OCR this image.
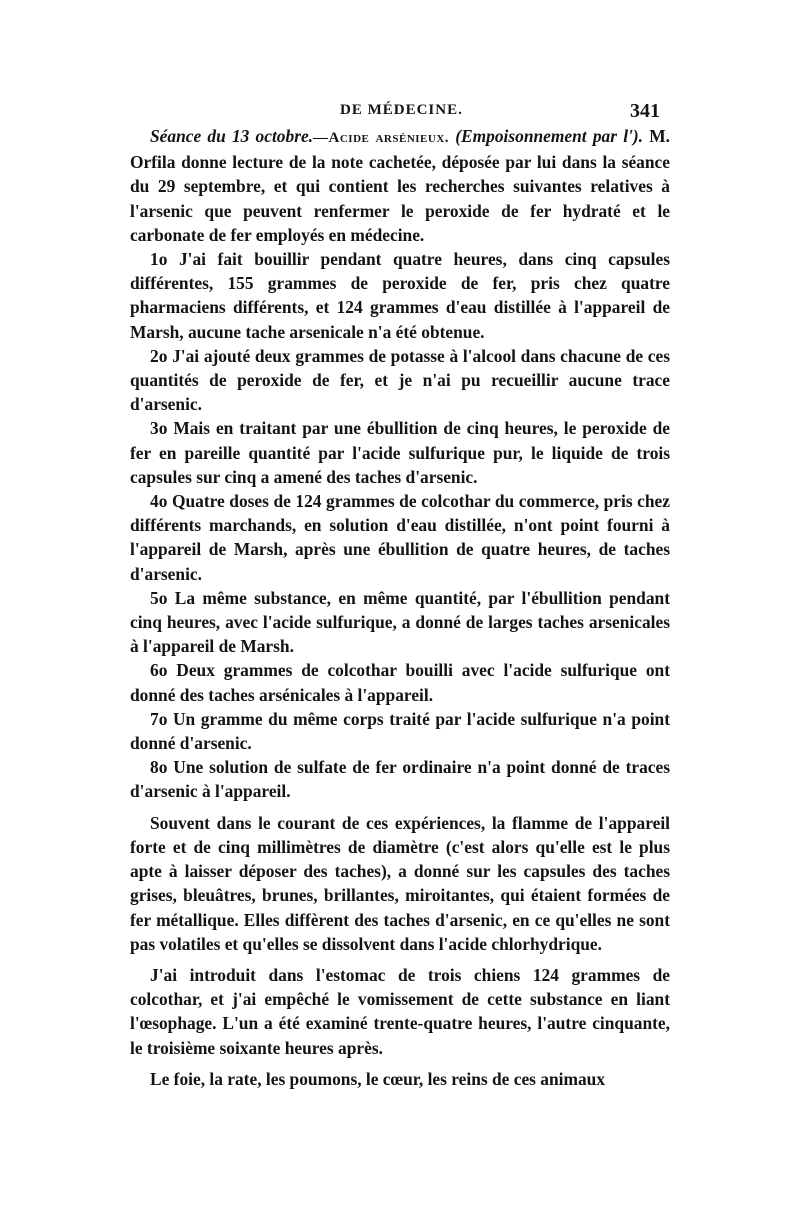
DE MÉDECINE.	341

Séance du 13 octobre.—Acide arsénieux. (Empoisonnement par l'). M. Orfila donne lecture de la note cachetée, déposée par lui dans la séance du 29 septembre, et qui contient les recherches suivantes relatives à l'arsenic que peuvent renfermer le peroxide de fer hydraté et le carbonate de fer employés en médecine.

1o J'ai fait bouillir pendant quatre heures, dans cinq capsules différentes, 155 grammes de peroxide de fer, pris chez quatre pharmaciens différents, et 124 grammes d'eau distillée à l'appareil de Marsh, aucune tache arsenicale n'a été obtenue.

2o J'ai ajouté deux grammes de potasse à l'alcool dans chacune de ces quantités de peroxide de fer, et je n'ai pu recueillir aucune trace d'arsenic.

3o Mais en traitant par une ébullition de cinq heures, le peroxide de fer en pareille quantité par l'acide sulfurique pur, le liquide de trois capsules sur cinq a amené des taches d'arsenic.

4o Quatre doses de 124 grammes de colcothar du commerce, pris chez différents marchands, en solution d'eau distillée, n'ont point fourni à l'appareil de Marsh, après une ébullition de quatre heures, de taches d'arsenic.

5o La même substance, en même quantité, par l'ébullition pendant cinq heures, avec l'acide sulfurique, a donné de larges taches arsenicales à l'appareil de Marsh.

6o Deux grammes de colcothar bouilli avec l'acide sulfurique ont donné des taches arsénicales à l'appareil.

7o Un gramme du même corps traité par l'acide sulfurique n'a point donné d'arsenic.

8o Une solution de sulfate de fer ordinaire n'a point donné de traces d'arsenic à l'appareil.

Souvent dans le courant de ces expériences, la flamme de l'appareil forte et de cinq millimètres de diamètre (c'est alors qu'elle est le plus apte à laisser déposer des taches), a donné sur les capsules des taches grises, bleuâtres, brunes, brillantes, miroitantes, qui étaient formées de fer métallique. Elles diffèrent des taches d'arsenic, en ce qu'elles ne sont pas volatiles et qu'elles se dissolvent dans l'acide chlorhydrique.

J'ai introduit dans l'estomac de trois chiens 124 grammes de colcothar, et j'ai empêché le vomissement de cette substance en liant l'œsophage. L'un a été examiné trente-quatre heures, l'autre cinquante, le troisième soixante heures après.

Le foie, la rate, les poumons, le cœur, les reins de ces animaux
